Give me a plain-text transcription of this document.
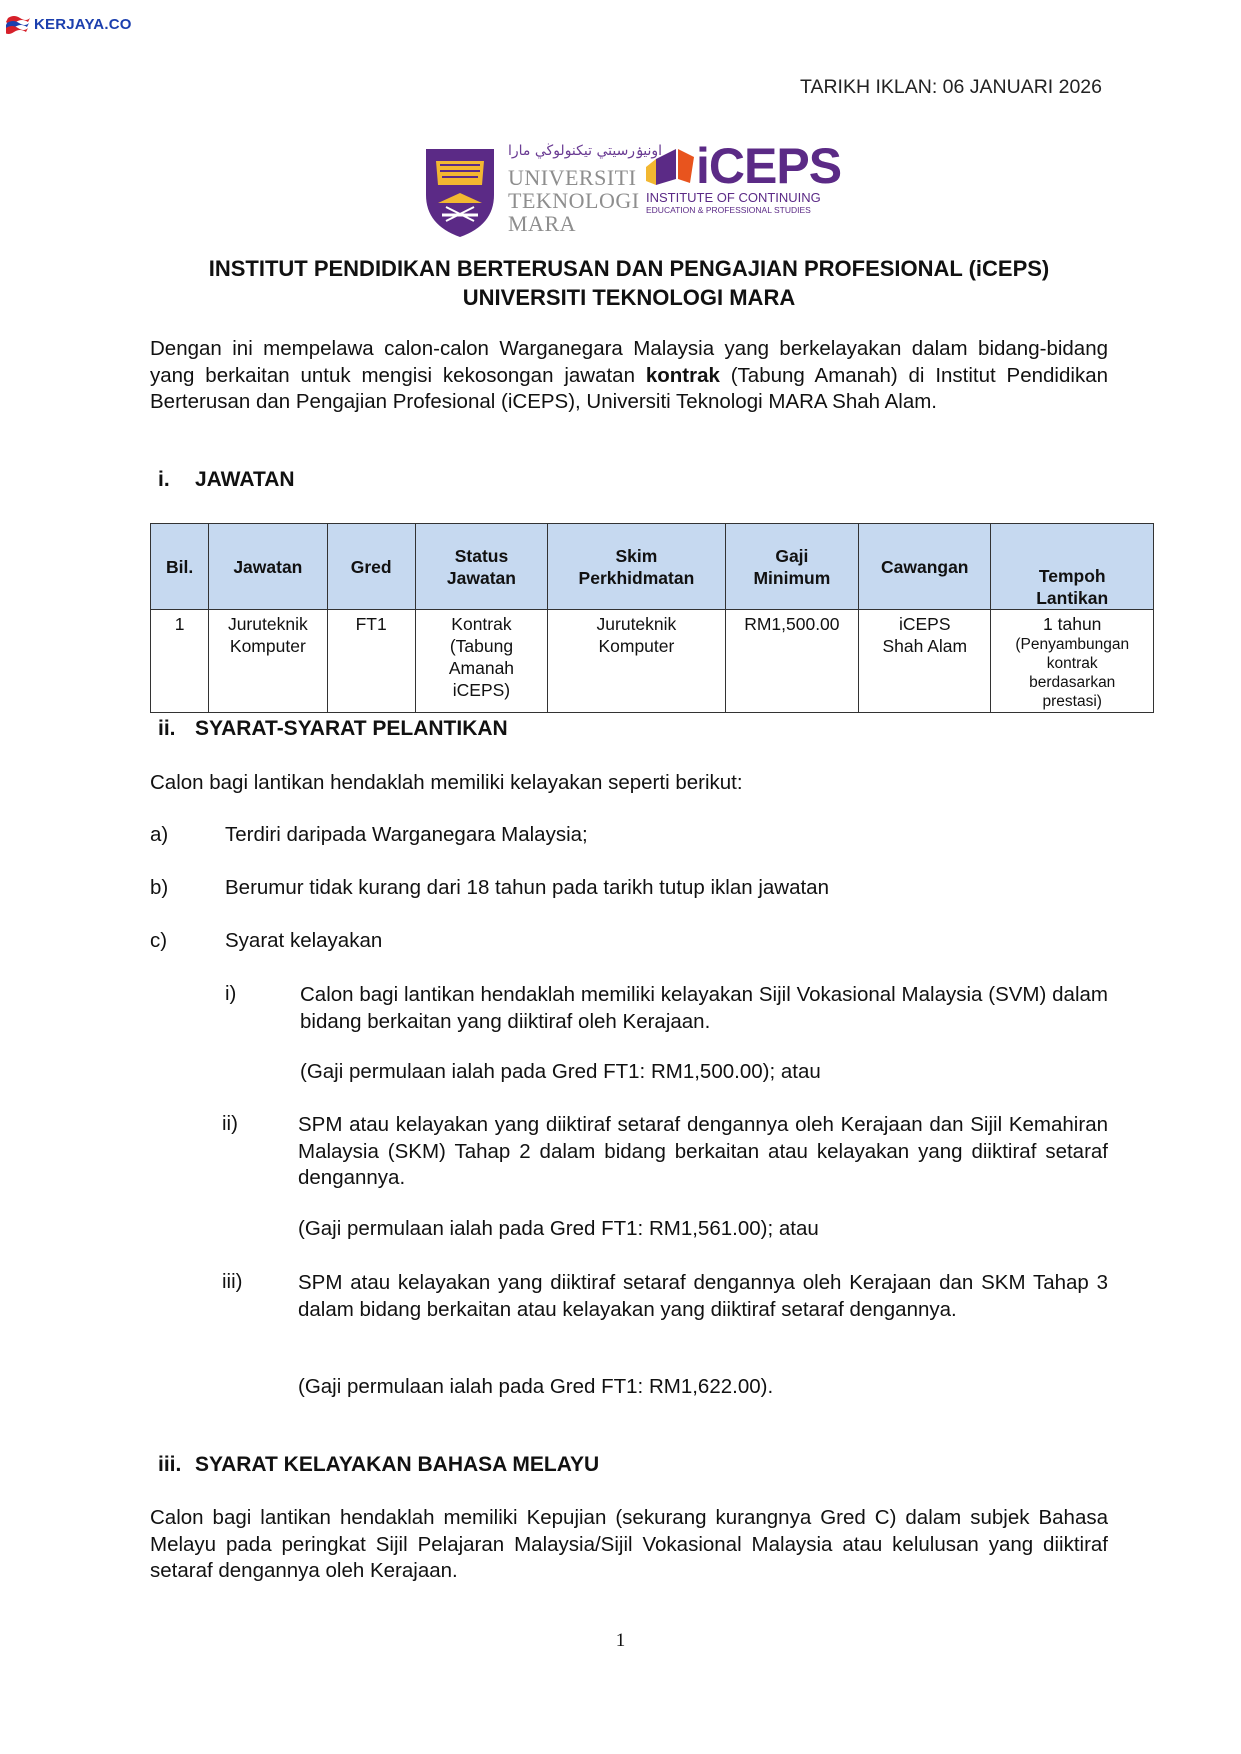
KERJAYA.CO
TARIKH IKLAN: 06 JANUARI 2026
اونيۏرسيتي تيكنولوڬي مارا
UNIVERSITI
TEKNOLOGI
MARA
iCEPS
INSTITUTE OF CONTINUING
EDUCATION & PROFESSIONAL STUDIES
INSTITUT PENDIDIKAN BERTERUSAN DAN PENGAJIAN PROFESIONAL (iCEPS)
UNIVERSITI TEKNOLOGI MARA
Dengan ini mempelawa calon-calon Warganegara Malaysia yang berkelayakan dalam bidang-bidang yang berkaitan untuk mengisi kekosongan jawatan kontrak (Tabung Amanah) di Institut Pendidikan Berterusan dan Pengajian Profesional (iCEPS), Universiti Teknologi MARA Shah Alam.
i. JAWATAN
Bil.	Jawatan	Gred	Status Jawatan	Skim Perkhidmatan	Gaji Minimum	Cawangan	Tempoh Lantikan
1	Juruteknik Komputer	FT1	Kontrak (Tabung Amanah iCEPS)	Juruteknik Komputer	RM1,500.00	iCEPS Shah Alam	1 tahun
(Penyambungan kontrak berdasarkan prestasi)
ii. SYARAT-SYARAT PELANTIKAN
Calon bagi lantikan hendaklah memiliki kelayakan seperti berikut:
a)	Terdiri daripada Warganegara Malaysia;
b)	Berumur tidak kurang dari 18 tahun pada tarikh tutup iklan jawatan
c)	Syarat kelayakan
i)	Calon bagi lantikan hendaklah memiliki kelayakan Sijil Vokasional Malaysia (SVM) dalam bidang berkaitan yang diiktiraf oleh Kerajaan.
(Gaji permulaan ialah pada Gred FT1: RM1,500.00); atau
ii)	SPM atau kelayakan yang diiktiraf setaraf dengannya oleh Kerajaan dan Sijil Kemahiran Malaysia (SKM) Tahap 2 dalam bidang berkaitan atau kelayakan yang diiktiraf setaraf dengannya.
(Gaji permulaan ialah pada Gred FT1: RM1,561.00); atau
iii)	SPM atau kelayakan yang diiktiraf setaraf dengannya oleh Kerajaan dan SKM Tahap 3 dalam bidang berkaitan atau kelayakan yang diiktiraf setaraf dengannya.
(Gaji permulaan ialah pada Gred FT1: RM1,622.00).
iii. SYARAT KELAYAKAN BAHASA MELAYU
Calon bagi lantikan hendaklah memiliki Kepujian (sekurang kurangnya Gred C) dalam subjek Bahasa Melayu pada peringkat Sijil Pelajaran Malaysia/Sijil Vokasional Malaysia atau kelulusan yang diiktiraf setaraf dengannya oleh Kerajaan.
1
